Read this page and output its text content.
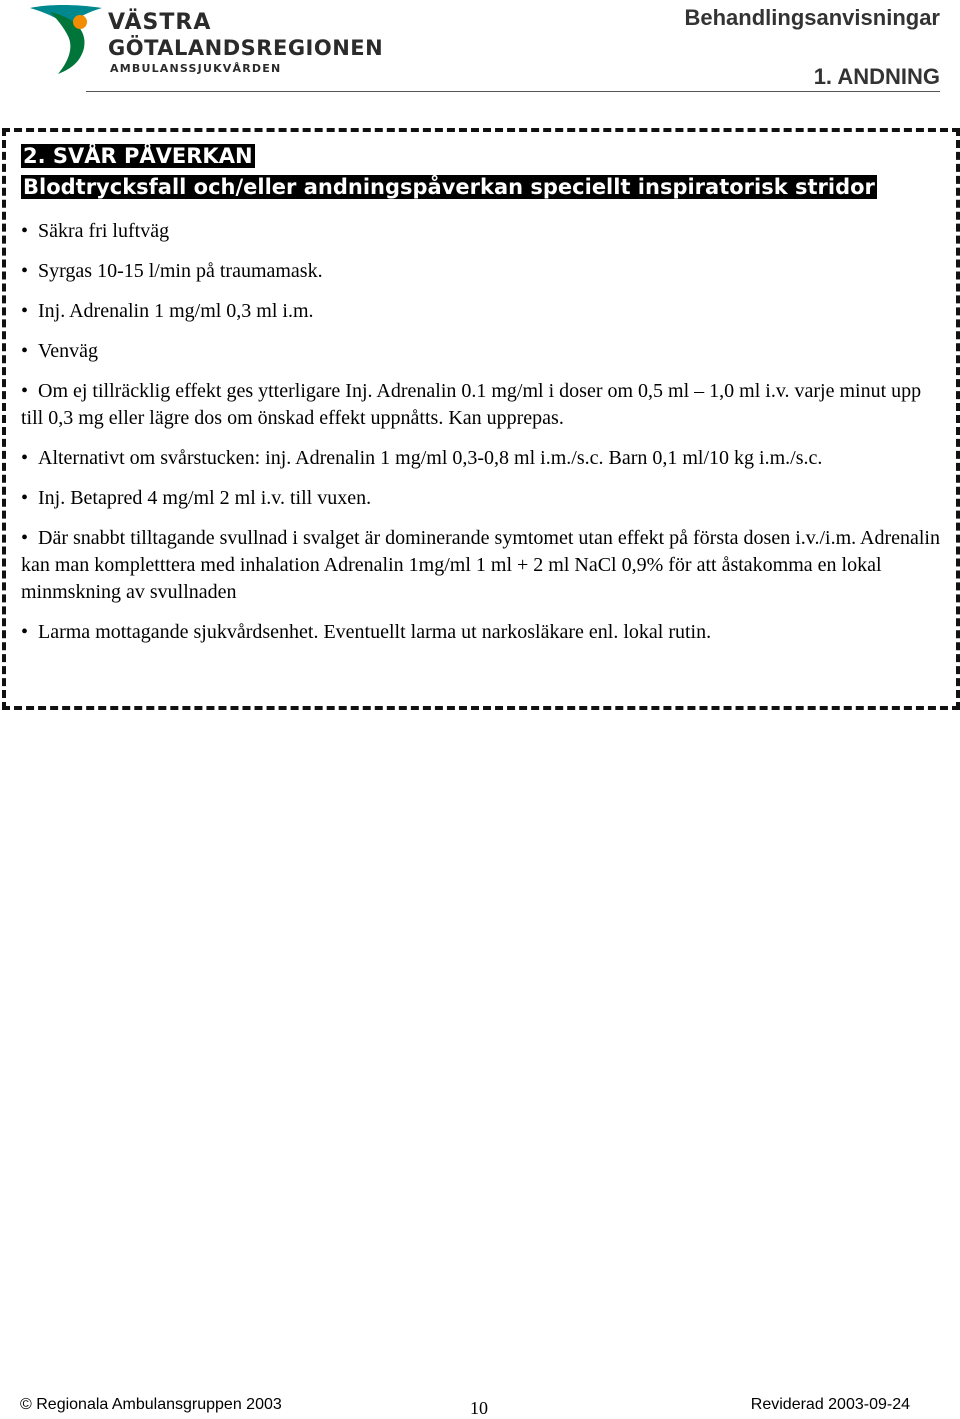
VÄSTRA
GÖTALANDSREGIONEN
AMBULANSSJUKVÅRDEN
Behandlingsanvisningar
1. ANDNING

2. SVÅR PÅVERKAN
Blodtrycksfall och/eller andningspåverkan speciellt inspiratorisk stridor

• Säkra fri luftväg
• Syrgas 10-15 l/min på traumamask.
• Inj. Adrenalin 1 mg/ml 0,3 ml i.m.
• Venväg
• Om ej tillräcklig effekt ges ytterligare Inj. Adrenalin 0.1 mg/ml i doser om 0,5 ml – 1,0 ml i.v. varje minut upp till 0,3 mg eller lägre dos om önskad effekt uppnåtts. Kan upprepas.
• Alternativt om svårstucken: inj. Adrenalin 1 mg/ml 0,3-0,8 ml i.m./s.c. Barn 0,1 ml/10 kg i.m./s.c.
• Inj. Betapred 4 mg/ml 2 ml i.v. till vuxen.
• Där snabbt tilltagande svullnad i svalget är dominerande symtomet utan effekt på första dosen i.v./i.m. Adrenalin kan man kompletttera med inhalation Adrenalin 1mg/ml 1 ml + 2 ml NaCl 0,9% för att åstakomma en lokal minmskning av svullnaden
• Larma mottagande sjukvårdsenhet. Eventuellt larma ut narkosläkare enl. lokal rutin.
© Regionala Ambulansgruppen 2003	10	Reviderad 2003-09-24
